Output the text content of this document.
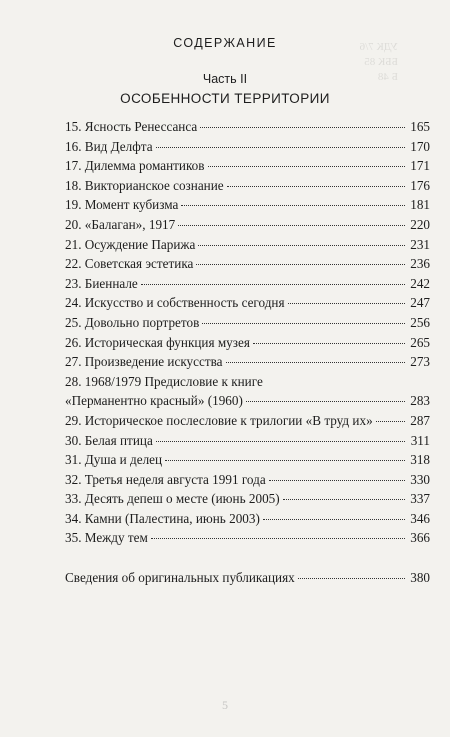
УДК 7/6
ББК 85
Б 48
СОДЕРЖАНИЕ
Часть II
ОСОБЕННОСТИ ТЕРРИТОРИИ
15. Ясность Ренессанса	165
16. Вид Делфта	170
17. Дилемма романтиков	171
18. Викторианское сознание	176
19. Момент кубизма	181
20. «Балаган», 1917	220
21. Осуждение Парижа	231
22. Советская эстетика	236
23. Биеннале	242
24. Искусство и собственность сегодня	247
25. Довольно портретов	256
26. Историческая функция музея	265
27. Произведение искусства	273
28. 1968/1979 Предисловие к книге
«Перманентно красный» (1960)	283
29. Историческое послесловие к трилогии «В труд их»	287
30. Белая птица	311
31. Душа и делец	318
32. Третья неделя августа 1991 года	330
33. Десять депеш о месте (июнь 2005)	337
34. Камни (Палестина, июнь 2003)	346
35. Между тем	366
Сведения об оригинальных публикациях	380
5
